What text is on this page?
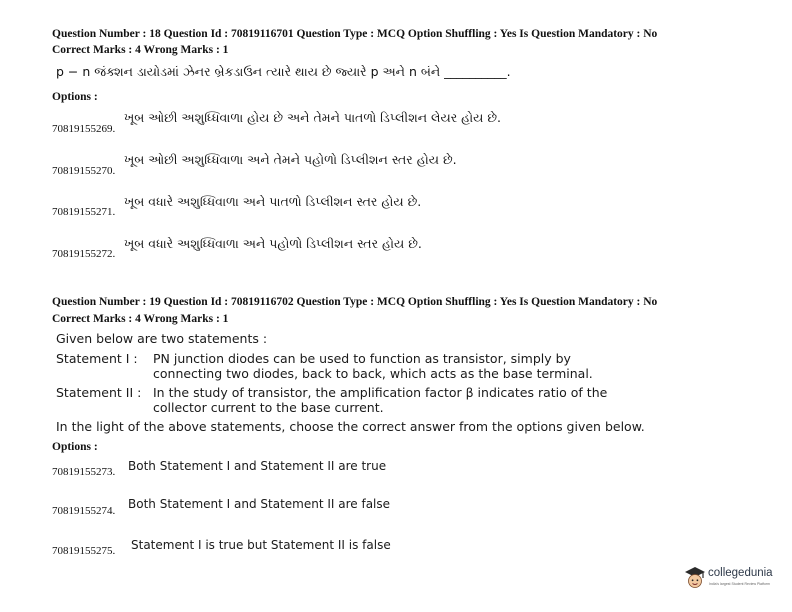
Question Number : 18 Question Id : 70819116701 Question Type : MCQ Option Shuffling : Yes Is Question Mandatory : No
Correct Marks : 4 Wrong Marks : 1
p − n જંક્શન ડાયોડમાં ઝેનર બ્રેકડાઉન ત્યારે થાય છે જ્યારે p અને n બંને __________.
Options :
70819155269.
ખૂબ ઓછી અશુધ્ધિવાળા હોય છે અને તેમને પાતળો ડિપ્લીશન લેયર હોય છે.
70819155270.
ખૂબ ઓછી અશુધ્ધિવાળા અને તેમને પહોળો ડિપ્લીશન સ્તર હોય છે.
70819155271.
ખૂબ વધારે અશુધ્ધિવાળા અને પાતળો ડિપ્લીશન સ્તર હોય છે.
70819155272.
ખૂબ વધારે અશુધ્ધિવાળા અને પહોળો ડિપ્લીશન સ્તર હોય છે.
Question Number : 19 Question Id : 70819116702 Question Type : MCQ Option Shuffling : Yes Is Question Mandatory : No
Correct Marks : 4 Wrong Marks : 1
Given below are two statements :
Statement I : PN junction diodes can be used to function as transistor, simply by
connecting two diodes, back to back, which acts as the base terminal.
Statement II : In the study of transistor, the amplification factor β indicates ratio of the
collector current to the base current.
In the light of the above statements, choose the correct answer from the options given below.
Options :
70819155273. Both Statement I and Statement II are true
70819155274. Both Statement I and Statement II are false
70819155275. Statement I is true but Statement II is false
collegedunia
India's largest Student Review Platform
